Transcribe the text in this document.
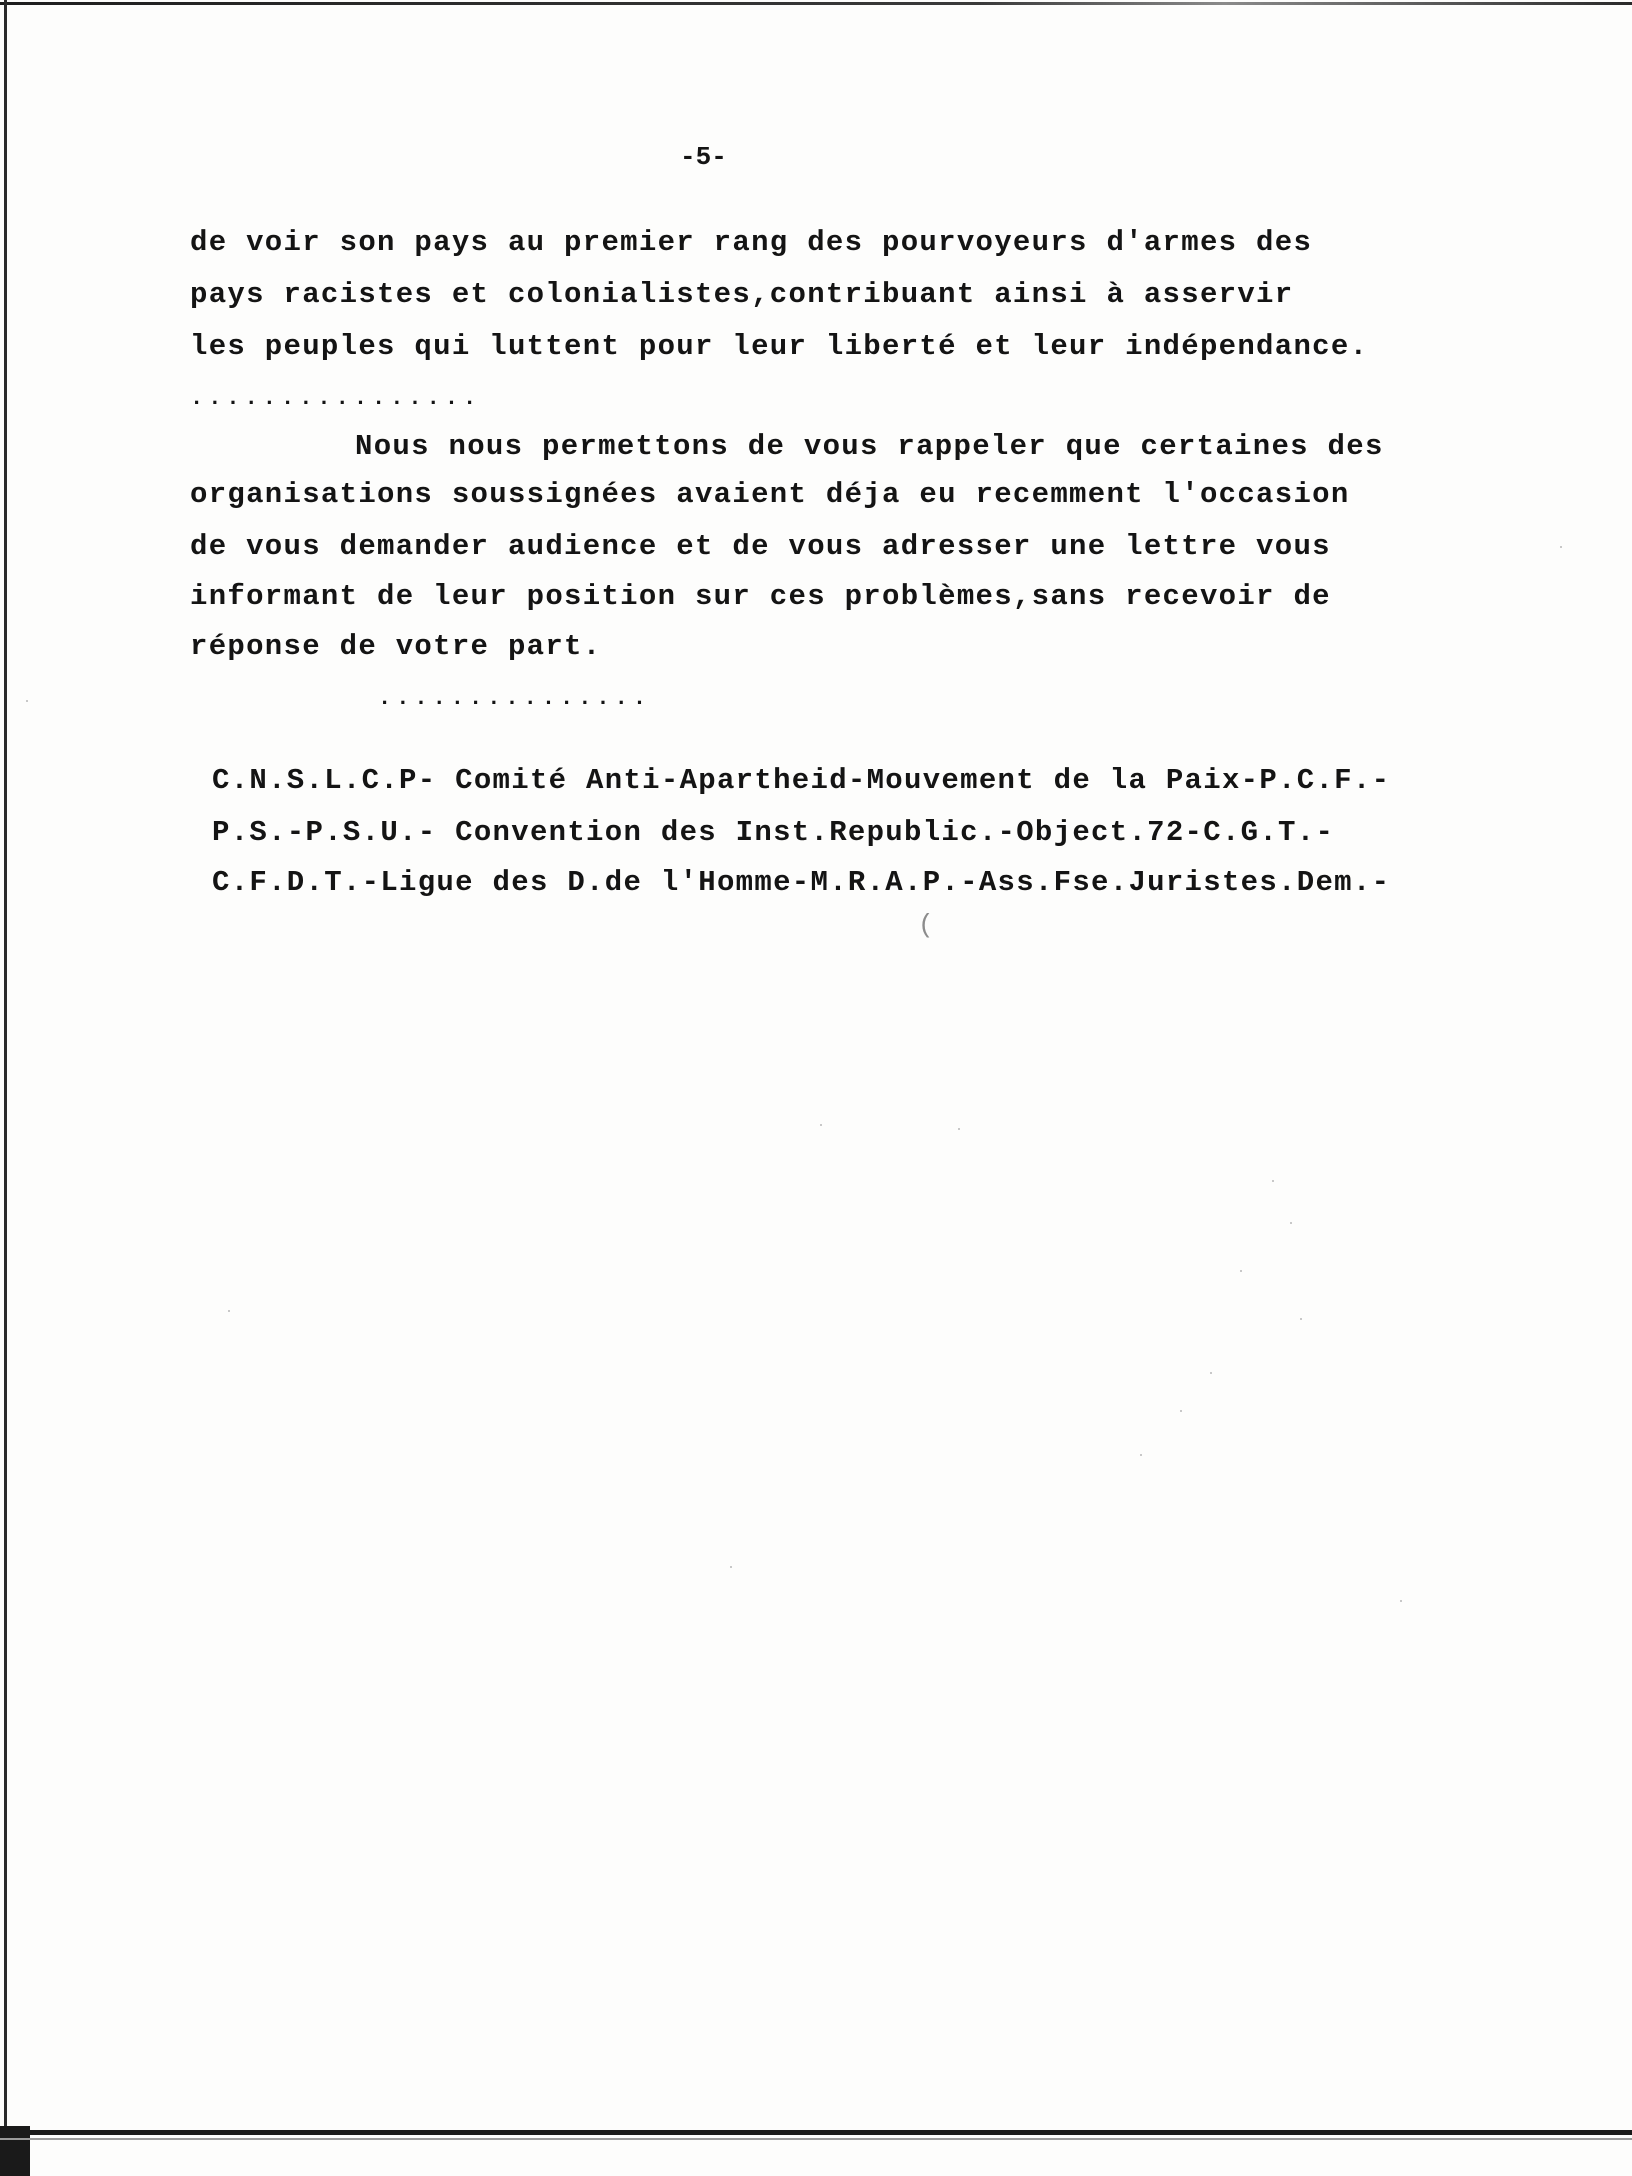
-5-
de voir son pays au premier rang des pourvoyeurs d'armes des
pays racistes et colonialistes,contribuant ainsi à asservir
les peuples qui luttent pour leur liberté et leur indépendance.
................
Nous nous permettons de vous rappeler que certaines des
organisations soussignées avaient déja eu recemment l'occasion
de vous demander audience et de vous adresser une lettre vous
informant de leur position sur ces problèmes,sans recevoir de
réponse de votre part.
...............
C.N.S.L.C.P- Comité Anti-Apartheid-Mouvement de la Paix-P.C.F.-
P.S.-P.S.U.- Convention des Inst.Republic.-Object.72-C.G.T.-
C.F.D.T.-Ligue des D.de l'Homme-M.R.A.P.-Ass.Fse.Juristes.Dem.-
(
